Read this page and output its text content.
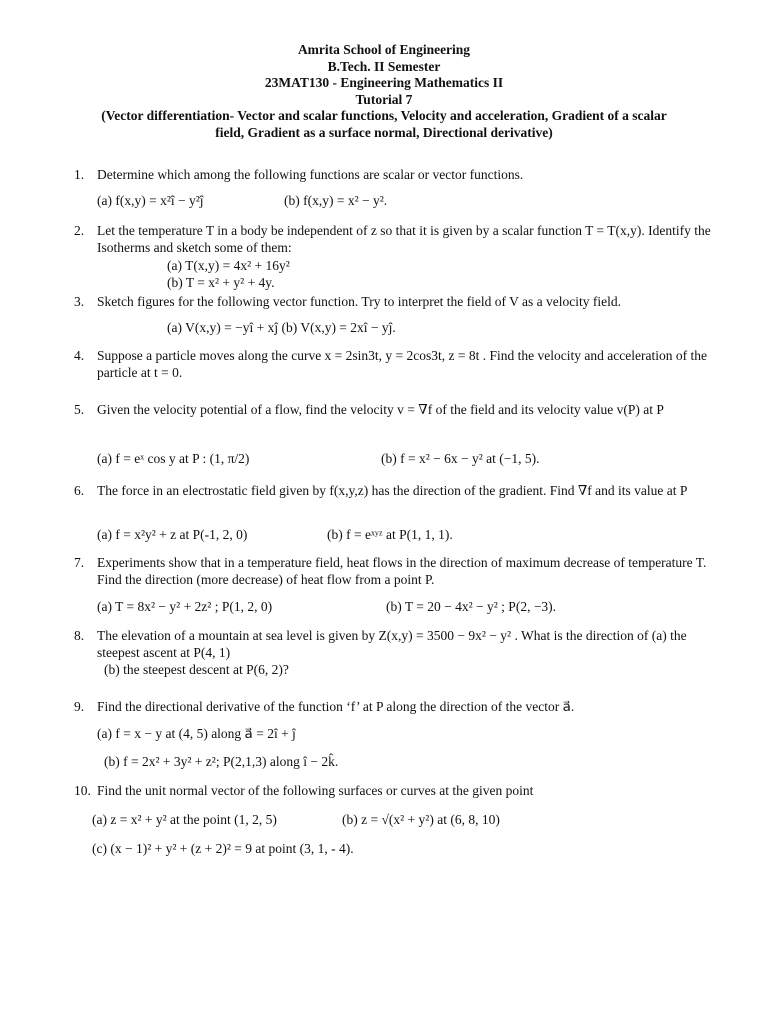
Amrita School of Engineering
B.Tech. II Semester
23MAT130 - Engineering Mathematics II
Tutorial 7
(Vector differentiation- Vector and scalar functions, Velocity and acceleration, Gradient of a scalar
field, Gradient as a surface normal, Directional derivative)
1. Determine which among the following functions are scalar or vector functions.
(a) f(x,y) = x²î − y²ĵ	(b) f(x,y) = x² − y².
2. Let the temperature T in a body be independent of z so that it is given by a scalar function T = T(x,y). Identify the Isotherms and sketch some of them:
(a) T(x,y) = 4x² + 16y²
(b) T = x² + y² + 4y.
3. Sketch figures for the following vector function. Try to interpret the field of V as a velocity field.
(a) V(x,y) = −yî + xĵ (b) V(x,y) = 2xî − yĵ.
4. Suppose a particle moves along the curve x = 2sin3t, y = 2cos3t, z = 8t . Find the velocity and acceleration of the particle at t = 0.
5. Given the velocity potential of a flow, find the velocity v = ∇f of the field and its velocity value v(P) at P
(a) f = eˣ cos y at P : (1, π/2)	(b) f = x² − 6x − y² at (−1, 5).
6. The force in an electrostatic field given by f(x,y,z) has the direction of the gradient. Find ∇f and its value at P
(a) f = x²y² + z at P(-1, 2, 0)	(b) f = eˣʸᶻ at P(1, 1, 1).
7. Experiments show that in a temperature field, heat flows in the direction of maximum decrease of temperature T. Find the direction (more decrease) of heat flow from a point P.
(a) T = 8x² − y² + 2z² ; P(1, 2, 0)	(b) T = 20 − 4x² − y² ; P(2, −3).
8. The elevation of a mountain at sea level is given by Z(x,y) = 3500 − 9x² − y² . What is the direction of (a) the steepest ascent at P(4, 1)
(b) the steepest descent at P(6, 2)?
9. Find the directional derivative of the function ‘f’ at P along the direction of the vector a⃗.
(a) f = x − y at (4, 5) along a⃗ = 2î + ĵ
(b) f = 2x² + 3y² + z²; P(2,1,3) along î − 2k̂.
10. Find the unit normal vector of the following surfaces or curves at the given point
(a) z = x² + y² at the point (1, 2, 5)	(b) z = √(x² + y²) at (6, 8, 10)
(c) (x − 1)² + y² + (z + 2)² = 9 at point (3, 1, - 4).
